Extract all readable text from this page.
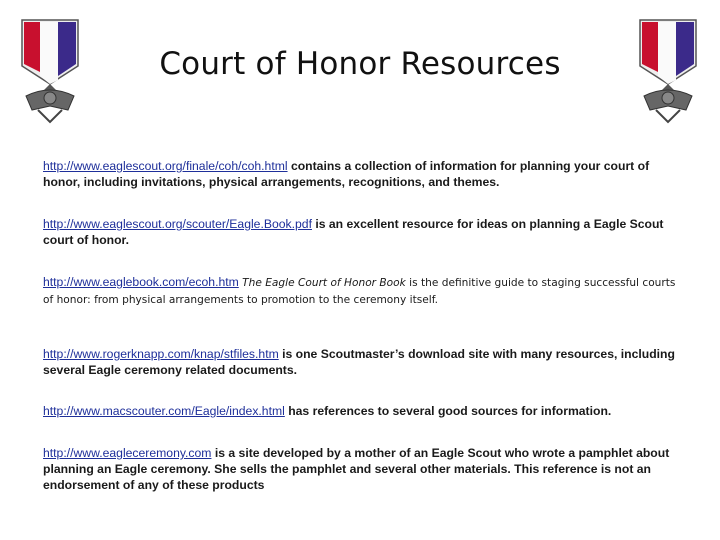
Court of Honor Resources
http://www.eaglescout.org/finale/coh/coh.html contains a collection of information for planning your court of honor, including invitations, physical arrangements, recognitions, and themes.
http://www.eaglescout.org/scouter/Eagle.Book.pdf is an excellent resource for ideas on planning a Eagle Scout court of honor.
http://www.eaglebook.com/ecoh.htm The Eagle Court of Honor Book is the definitive guide to staging successful courts of honor: from physical arrangements to promotion to the ceremony itself.
http://www.rogerknapp.com/knap/stfiles.htm is one Scoutmaster’s download site with many resources, including several Eagle ceremony related documents.
http://www.macscouter.com/Eagle/index.html has references to several good sources for information.
http://www.eagleceremony.com is a site developed by a mother of an Eagle Scout who wrote a pamphlet about planning an Eagle ceremony. She sells the pamphlet and several other materials. This reference is not an endorsement of any of these products
